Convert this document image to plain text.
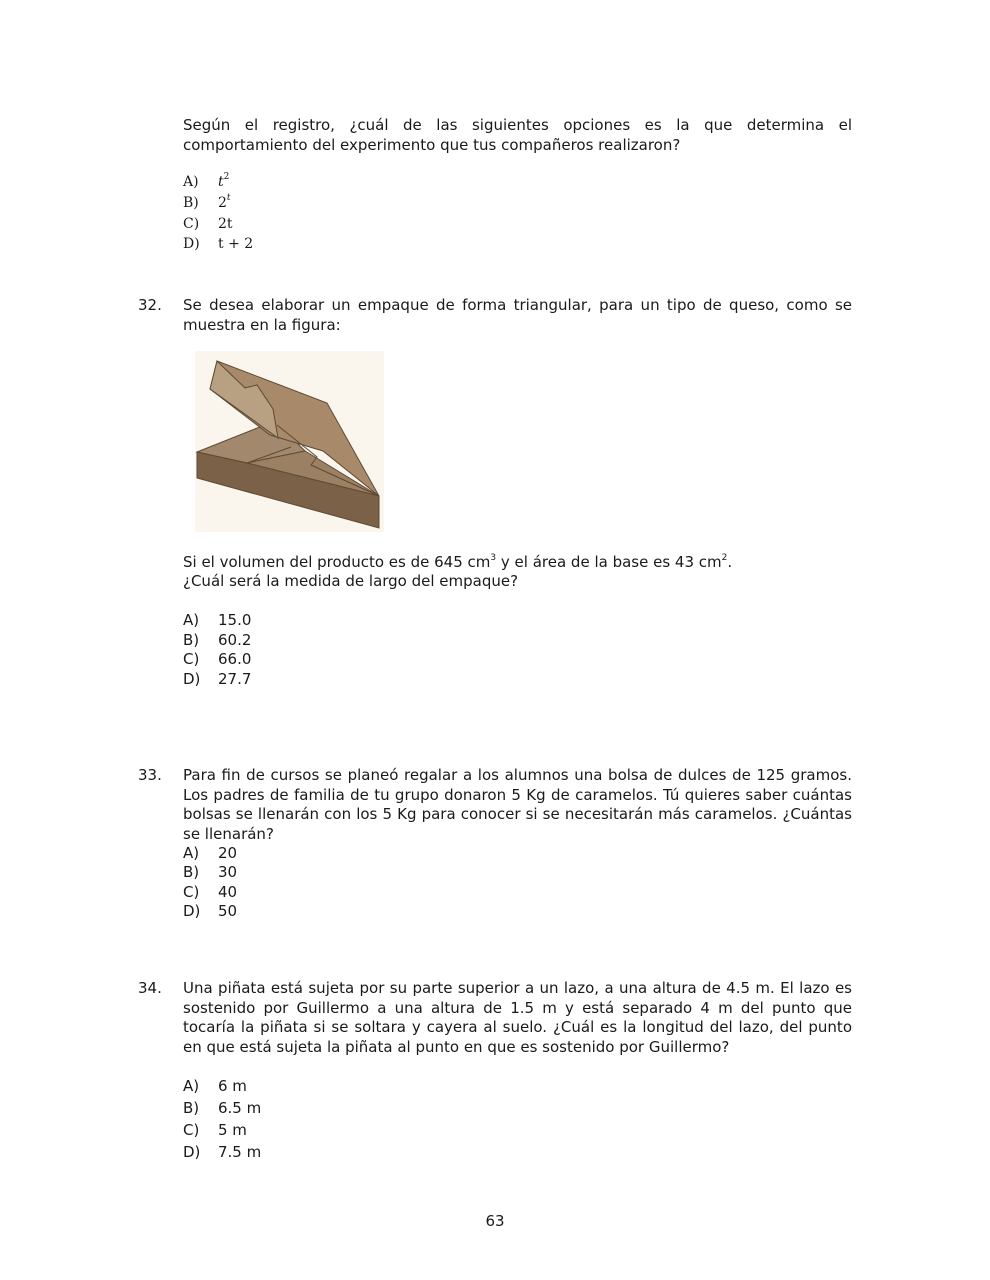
Según el registro, ¿cuál de las siguientes opciones es la que determina el comportamiento del experimento que tus compañeros realizaron?
A) $t^2$
B) 2$^t$
C) 2t
D) t + 2
32. Se desea elaborar un empaque de forma triangular, para un tipo de queso, como se muestra en la figura:
Si el volumen del producto es de 645 $cm^3$ y el área de la base es 43 $cm^2$.
¿Cuál será la medida de largo del empaque?
A) 15.0
B) 60.2
C) 66.0
D) 27.7
33. Para fin de cursos se planeó regalar a los alumnos una bolsa de dulces de 125 gramos. Los padres de familia de tu grupo donaron 5 Kg de caramelos. Tú quieres saber cuántas bolsas se llenarán con los 5 Kg para conocer si se necesitarán más caramelos. ¿Cuántas se llenarán?
A) 20
B) 30
C) 40
D) 50
34. Una piñata está sujeta por su parte superior a un lazo, a una altura de 4.5 m. El lazo es sostenido por Guillermo a una altura de 1.5 m y está separado 4 m del punto que tocaría la piñata si se soltara y cayera al suelo. ¿Cuál es la longitud del lazo, del punto en que está sujeta la piñata al punto en que es sostenido por Guillermo?
A) 6 m
B) 6.5 m
C) 5 m
D) 7.5 m
63
